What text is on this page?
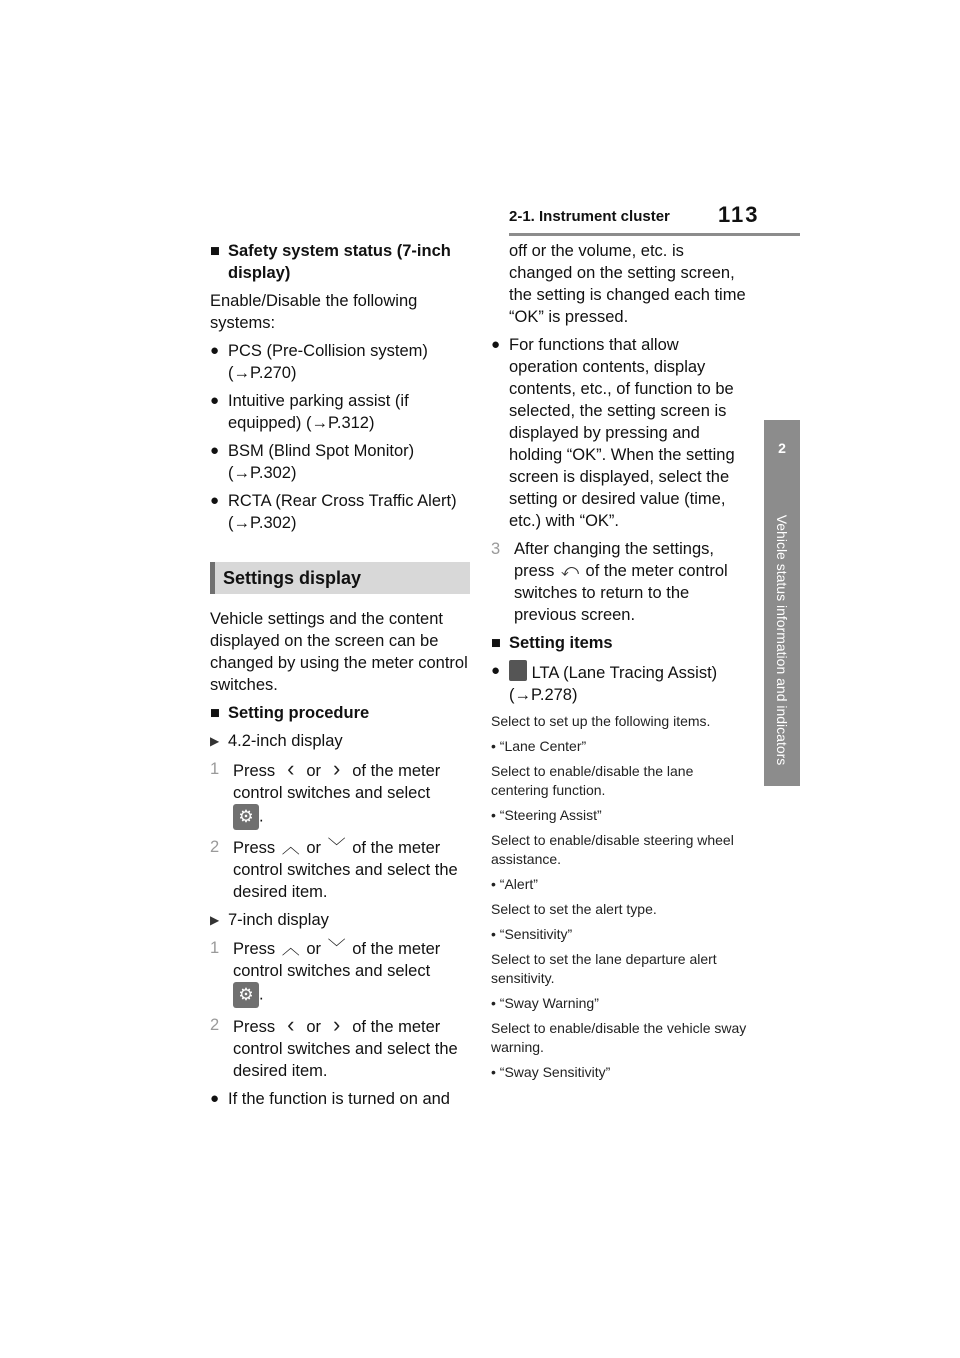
2-1. Instrument cluster 113
2
Vehicle status information and indicators
■ Safety system status (7-inch display)
Enable/Disable the following systems:
● PCS (Pre-Collision system) (→P.270)
● Intuitive parking assist (if equipped) (→P.312)
● BSM (Blind Spot Monitor) (→P.302)
● RCTA (Rear Cross Traffic Alert) (→P.302)
Settings display
Vehicle settings and the content displayed on the screen can be changed by using the meter control switches.
■ Setting procedure
▶ 4.2-inch display
1 Press ‹ or › of the meter control switches and select
⚙ .
2 Press ︿ or ﹀ of the meter control switches and select the desired item.
▶ 7-inch display
1 Press ︿ or ﹀ of the meter control switches and select
⚙ .
2 Press ‹ or › of the meter control switches and select the desired item.
● If the function is turned on and
off or the volume, etc. is changed on the setting screen, the setting is changed each time “OK” is pressed.
● For functions that allow operation contents, display contents, etc., of function to be selected, the setting screen is displayed by pressing and holding “OK”. When the setting screen is displayed, select the setting or desired value (time, etc.) with “OK”.
3 After changing the settings,
press ⤺ of the meter control switches to return to the previous screen.
■ Setting items
● LTA (Lane Tracing Assist) (→P.278)
Select to set up the following items.
• “Lane Center”
Select to enable/disable the lane centering function.
• “Steering Assist”
Select to enable/disable steering wheel assistance.
• “Alert”
Select to set the alert type.
• “Sensitivity”
Select to set the lane departure alert sensitivity.
• “Sway Warning”
Select to enable/disable the vehicle sway warning.
• “Sway Sensitivity”
